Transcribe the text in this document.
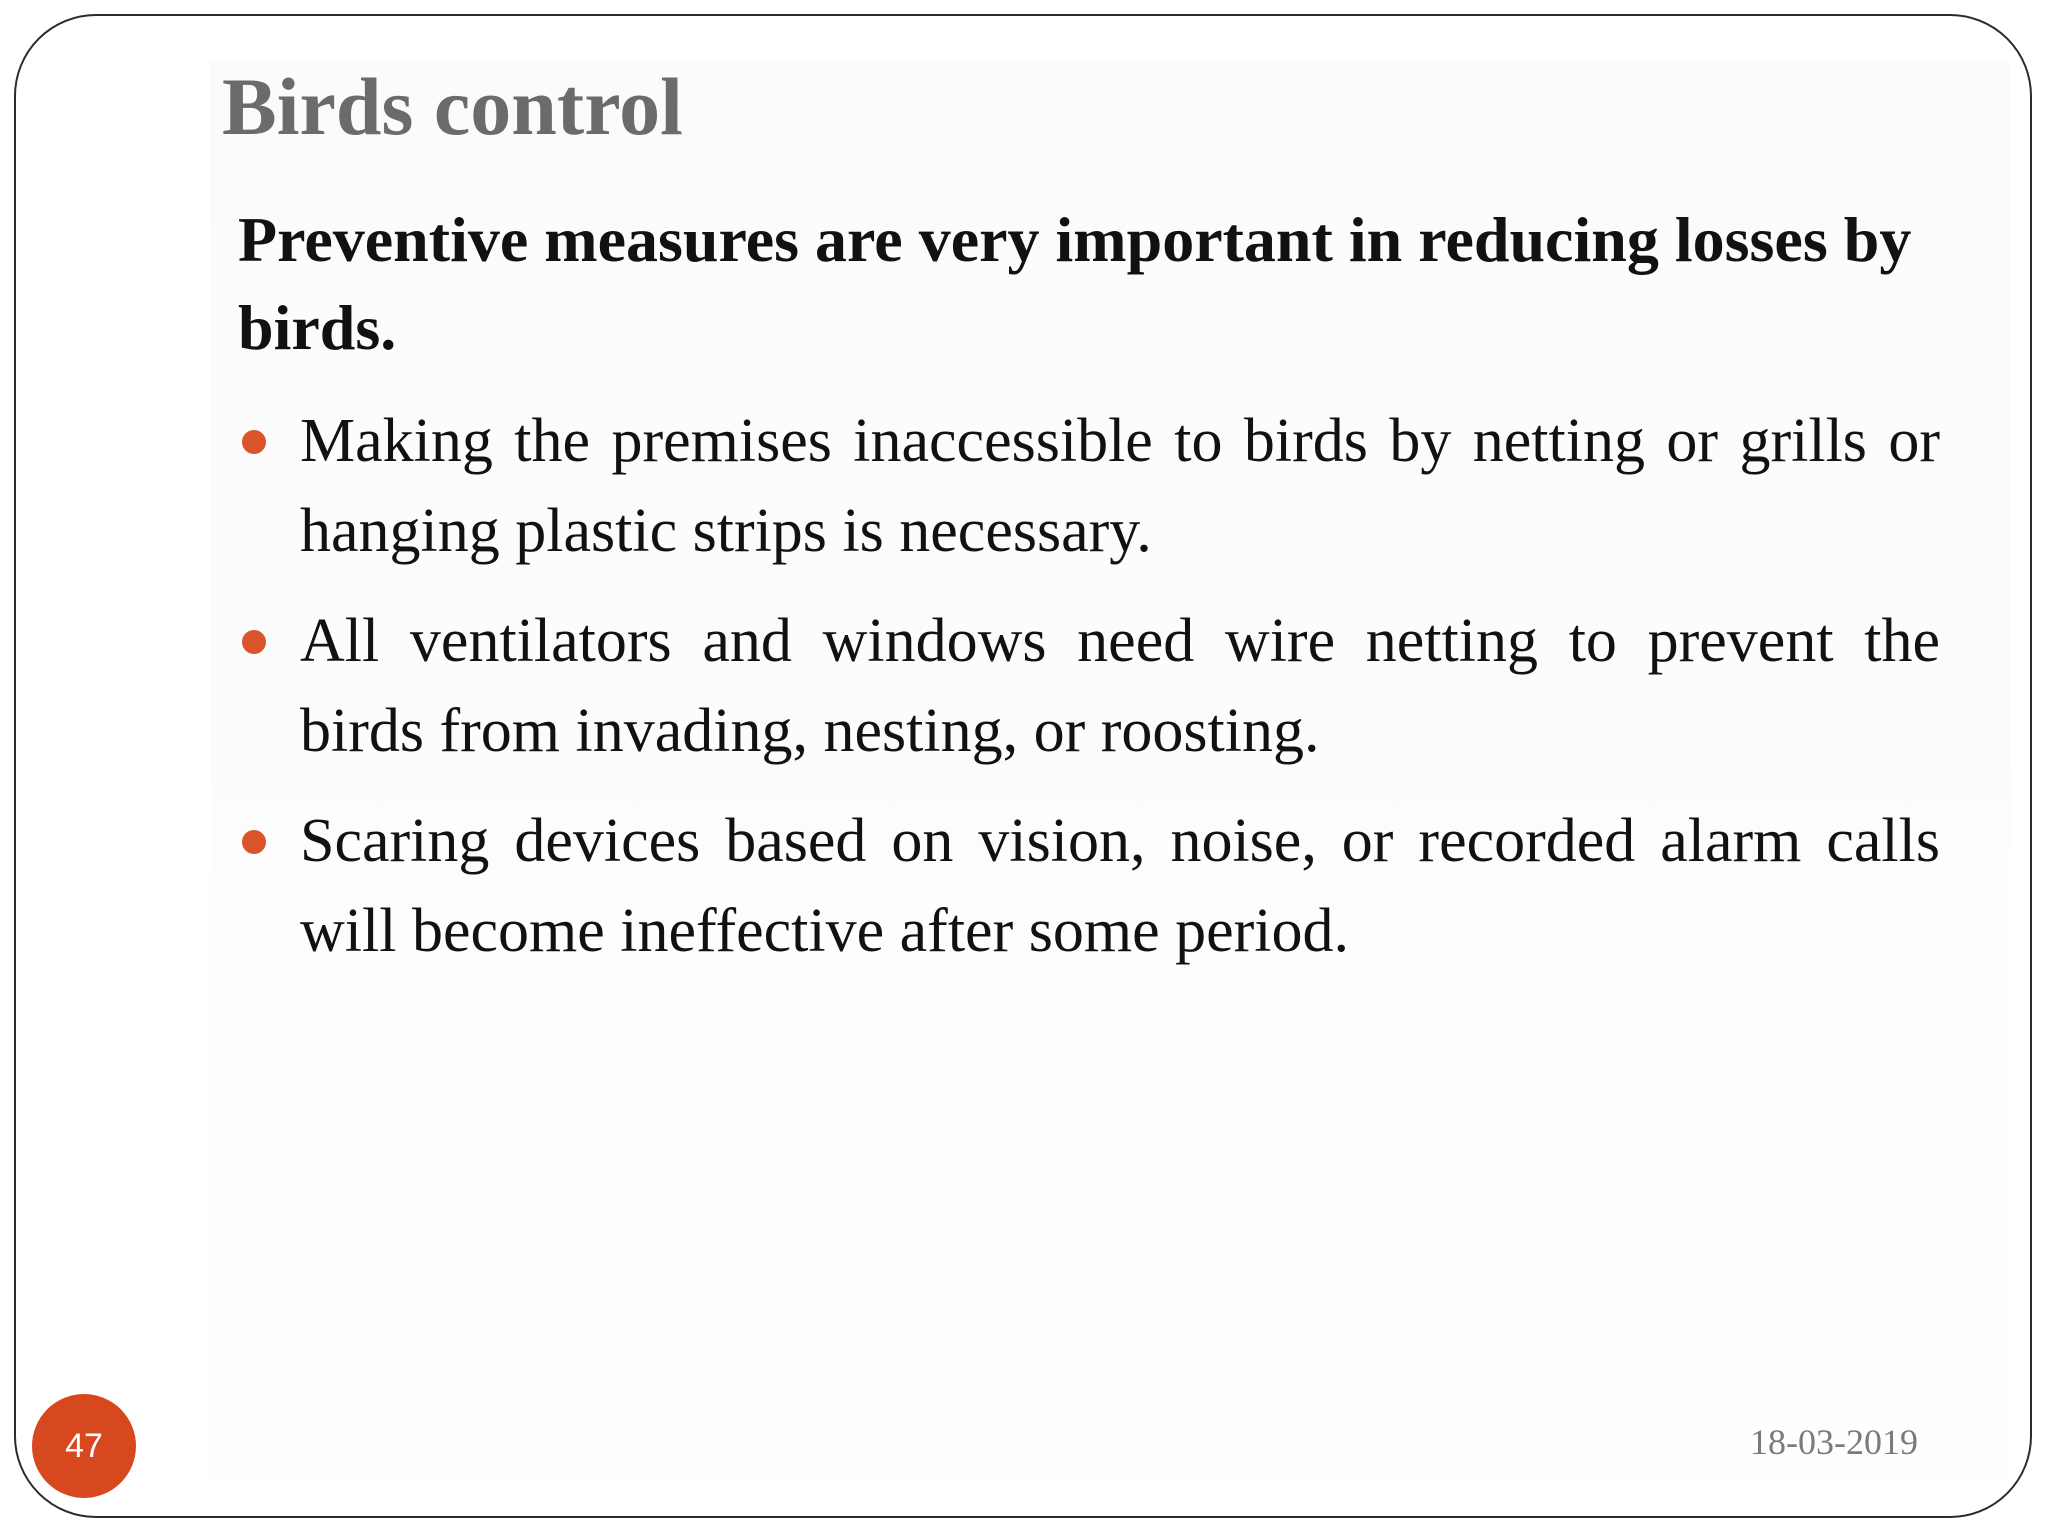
Birds control

Preventive measures are very important in reducing losses by birds.

Making the premises inaccessible to birds by netting or grills or hanging plastic strips is necessary.
All ventilators and windows need wire netting to prevent the birds from invading, nesting, or roosting.
Scaring devices based on vision, noise, or recorded alarm calls will become ineffective after some period.
47	18-03-2019
